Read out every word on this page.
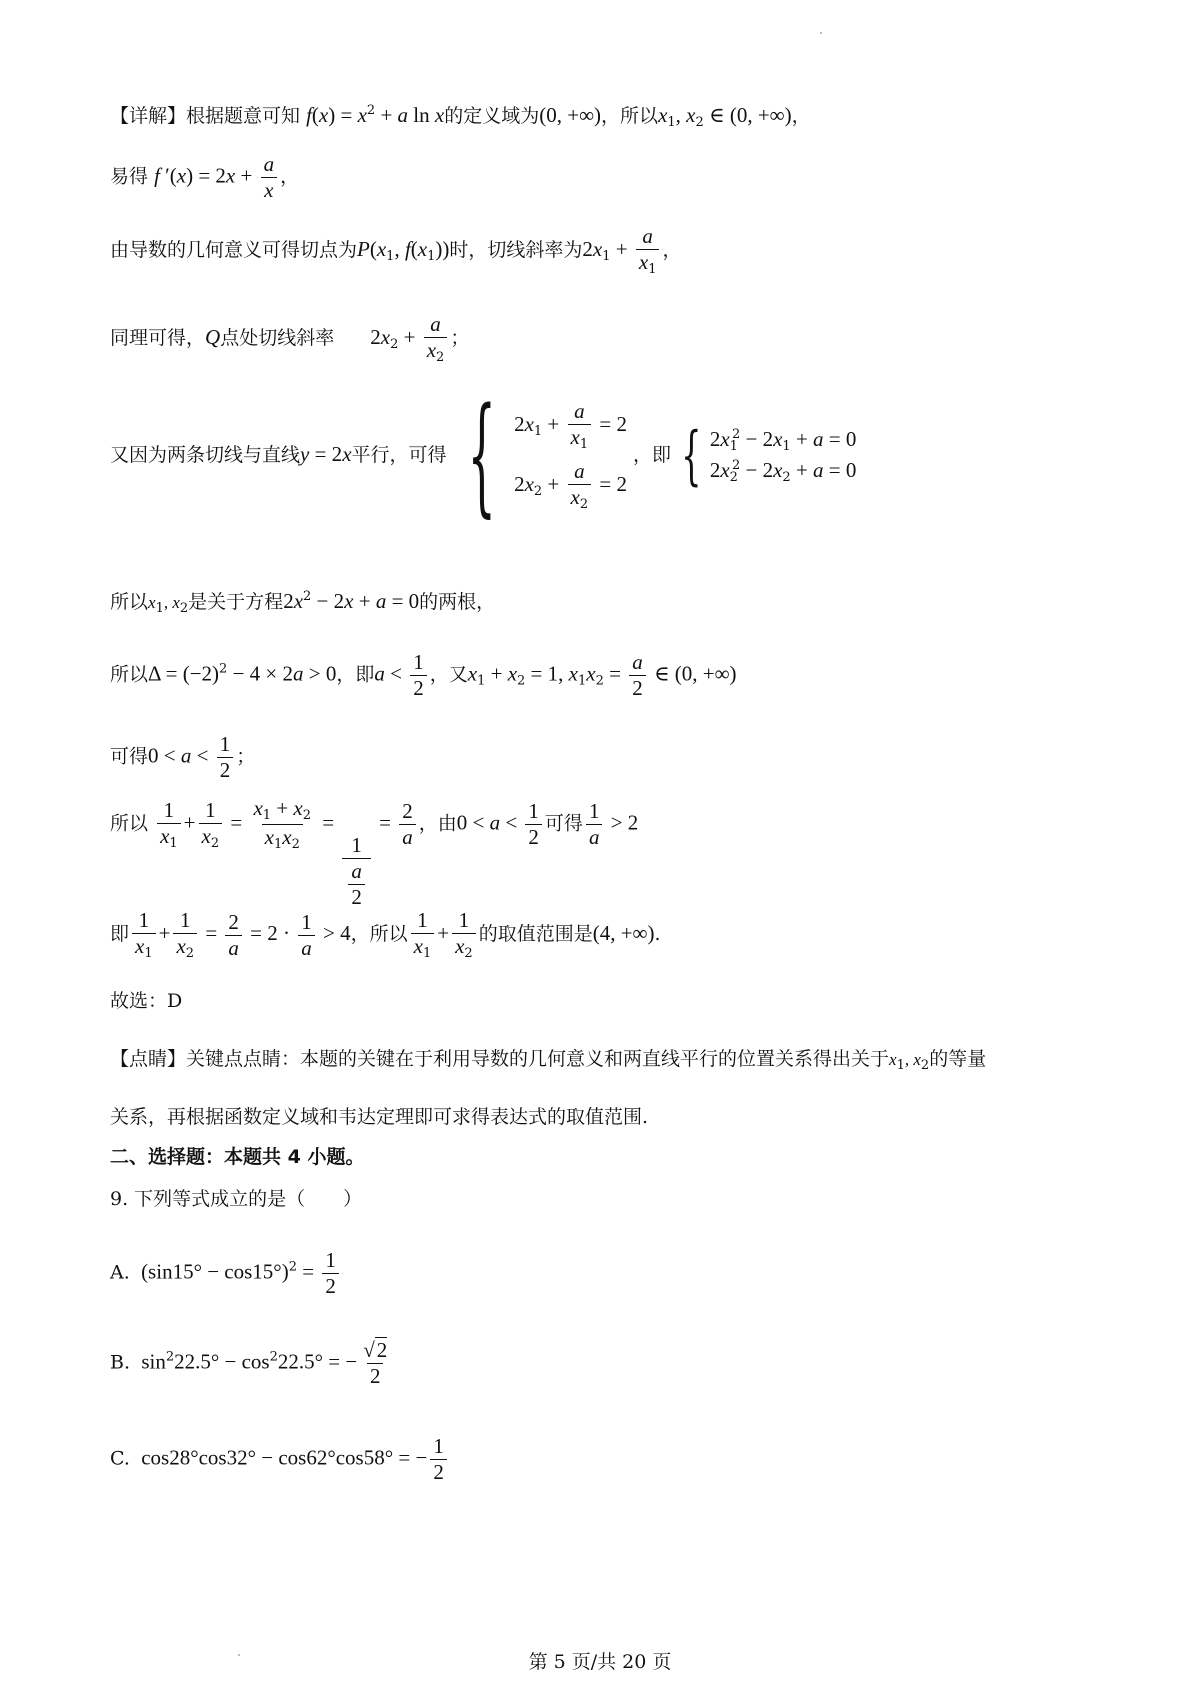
【详解】根据题意可知 $f(x) = x^2 + a$ ln x的定义域为(0, +∞)，所以$x_1$, $x_2$ ∈ (0, +∞)，
易得 f $'(x) = 2x + \frac{a}{x}$ ，
由导数的几何意义可得切点为$P(x_1$, $f(x_1)$)时，切线斜率为$2x_1 + \frac{a}{x_1}$ ，
同理可得，Q点处切线斜率 $2x_2 + \frac{a}{x_2}$ ；
又因为两条切线与直线y = 2x平行，可得 { $2x_1 + \frac{a}{x_1} = 2$
$2x_2 + \frac{a}{x_2} = 2$
，即 { $2x_1^2 - 2x_1 + a = 0$
$2x_2^2 - 2x_2 + a = 0$
所以$x_1$, $x_2$是关于方程$2x^2 - 2x + a = 0$的两根，
所以$\Delta = (-2)^2 - 4 \times 2a > 0$，即$a < \frac{1}{2}$ ，又$x_1 + x_2 = 1$, $x_1x_2 = \frac{a}{2}$ ∈ (0, +∞)
可得$0 < a < \frac{1}{2}$ ；
所以 $\frac{1}{x_1} + \frac{1}{x_2} = \frac{x_1 + x_2}{x_1x_2}$ =
$\frac{1}{\frac{a}{2}}$
= $\frac{2}{a}$ ，由$0 < a < \frac{1}{2}$ 可得 $\frac{1}{a} > 2$
即 $\frac{1}{x_1} + \frac{1}{x_2} = \frac{2}{a} = 2 \cdot \frac{1}{a} > 4$，所以 $\frac{1}{x_1} + \frac{1}{x_2}$ 的取值范围是(4, +∞).
故选：D
【点睛】关键点点睛：本题的关键在于利用导数的几何意义和两直线平行的位置关系得出关于$x_1$, $x_2$的等量
关系，再根据函数定义域和韦达定理即可求得表达式的取值范围.
二、选择题：本题共 4 小题。
9. 下列等式成立的是（　　）
A.  $(\sin 15^\circ - \cos 15^\circ)^2 = \frac{1}{2}$
B.  $\sin^222.5^\circ - \cos^222.5^\circ$ = − $\frac{√2}{2}$
C.  cos28°cos32° − cos62°cos58° = − $\frac{1}{2}$
第 5 页/共 20 页
